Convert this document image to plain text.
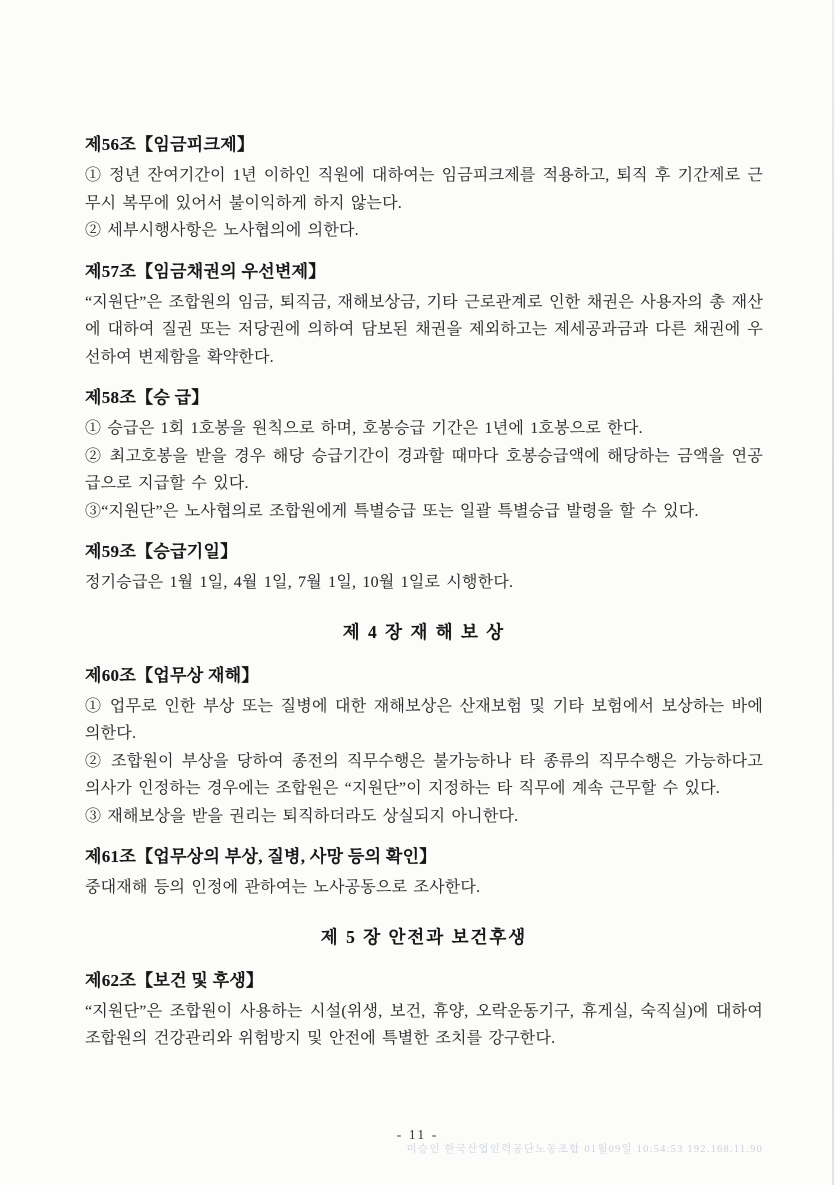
제56조【임금피크제】

① 정년 잔여기간이 1년 이하인 직원에 대하여는 임금피크제를 적용하고, 퇴직 후 기간제로 근무시 복무에 있어서 불이익하게 하지 않는다.

② 세부시행사항은 노사협의에 의한다.

제57조【임금채권의 우선변제】

“지원단”은 조합원의 임금, 퇴직금, 재해보상금, 기타 근로관계로 인한 채권은 사용자의 총 재산에 대하여 질권 또는 저당권에 의하여 담보된 채권을 제외하고는 제세공과금과 다른 채권에 우선하여 변제함을 확약한다.

제58조【승 급】

① 승급은 1회 1호봉을 원칙으로 하며, 호봉승급 기간은 1년에 1호봉으로 한다.

② 최고호봉을 받을 경우 해당 승급기간이 경과할 때마다 호봉승급액에 해당하는 금액을 연공급으로 지급할 수 있다.

③“지원단”은 노사협의로 조합원에게 특별승급 또는 일괄 특별승급 발령을 할 수 있다.

제59조【승급기일】

정기승급은 1월 1일, 4월 1일, 7월 1일, 10월 1일로 시행한다.

제 4 장 재 해 보 상
제60조【업무상 재해】

① 업무로 인한 부상 또는 질병에 대한 재해보상은 산재보험 및 기타 보험에서 보상하는 바에 의한다.

② 조합원이 부상을 당하여 종전의 직무수행은 불가능하나 타 종류의 직무수행은 가능하다고 의사가 인정하는 경우에는 조합원은 “지원단”이 지정하는 타 직무에 계속 근무할 수 있다.

③ 재해보상을 받을 권리는 퇴직하더라도 상실되지 아니한다.

제61조【업무상의 부상, 질병, 사망 등의 확인】

중대재해 등의 인정에 관하여는 노사공동으로 조사한다.

제 5 장 안전과 보건후생
제62조【보건 및 후생】

“지원단”은 조합원이 사용하는 시설(위생, 보건, 휴양, 오락운동기구, 휴게실, 숙직실)에 대하여 조합원의 건강관리와 위험방지 및 안전에 특별한 조치를 강구한다.

- 11 -
미승인 한국산업인력공단노동조합 01월09일 10:54:53 192.168.11.90
